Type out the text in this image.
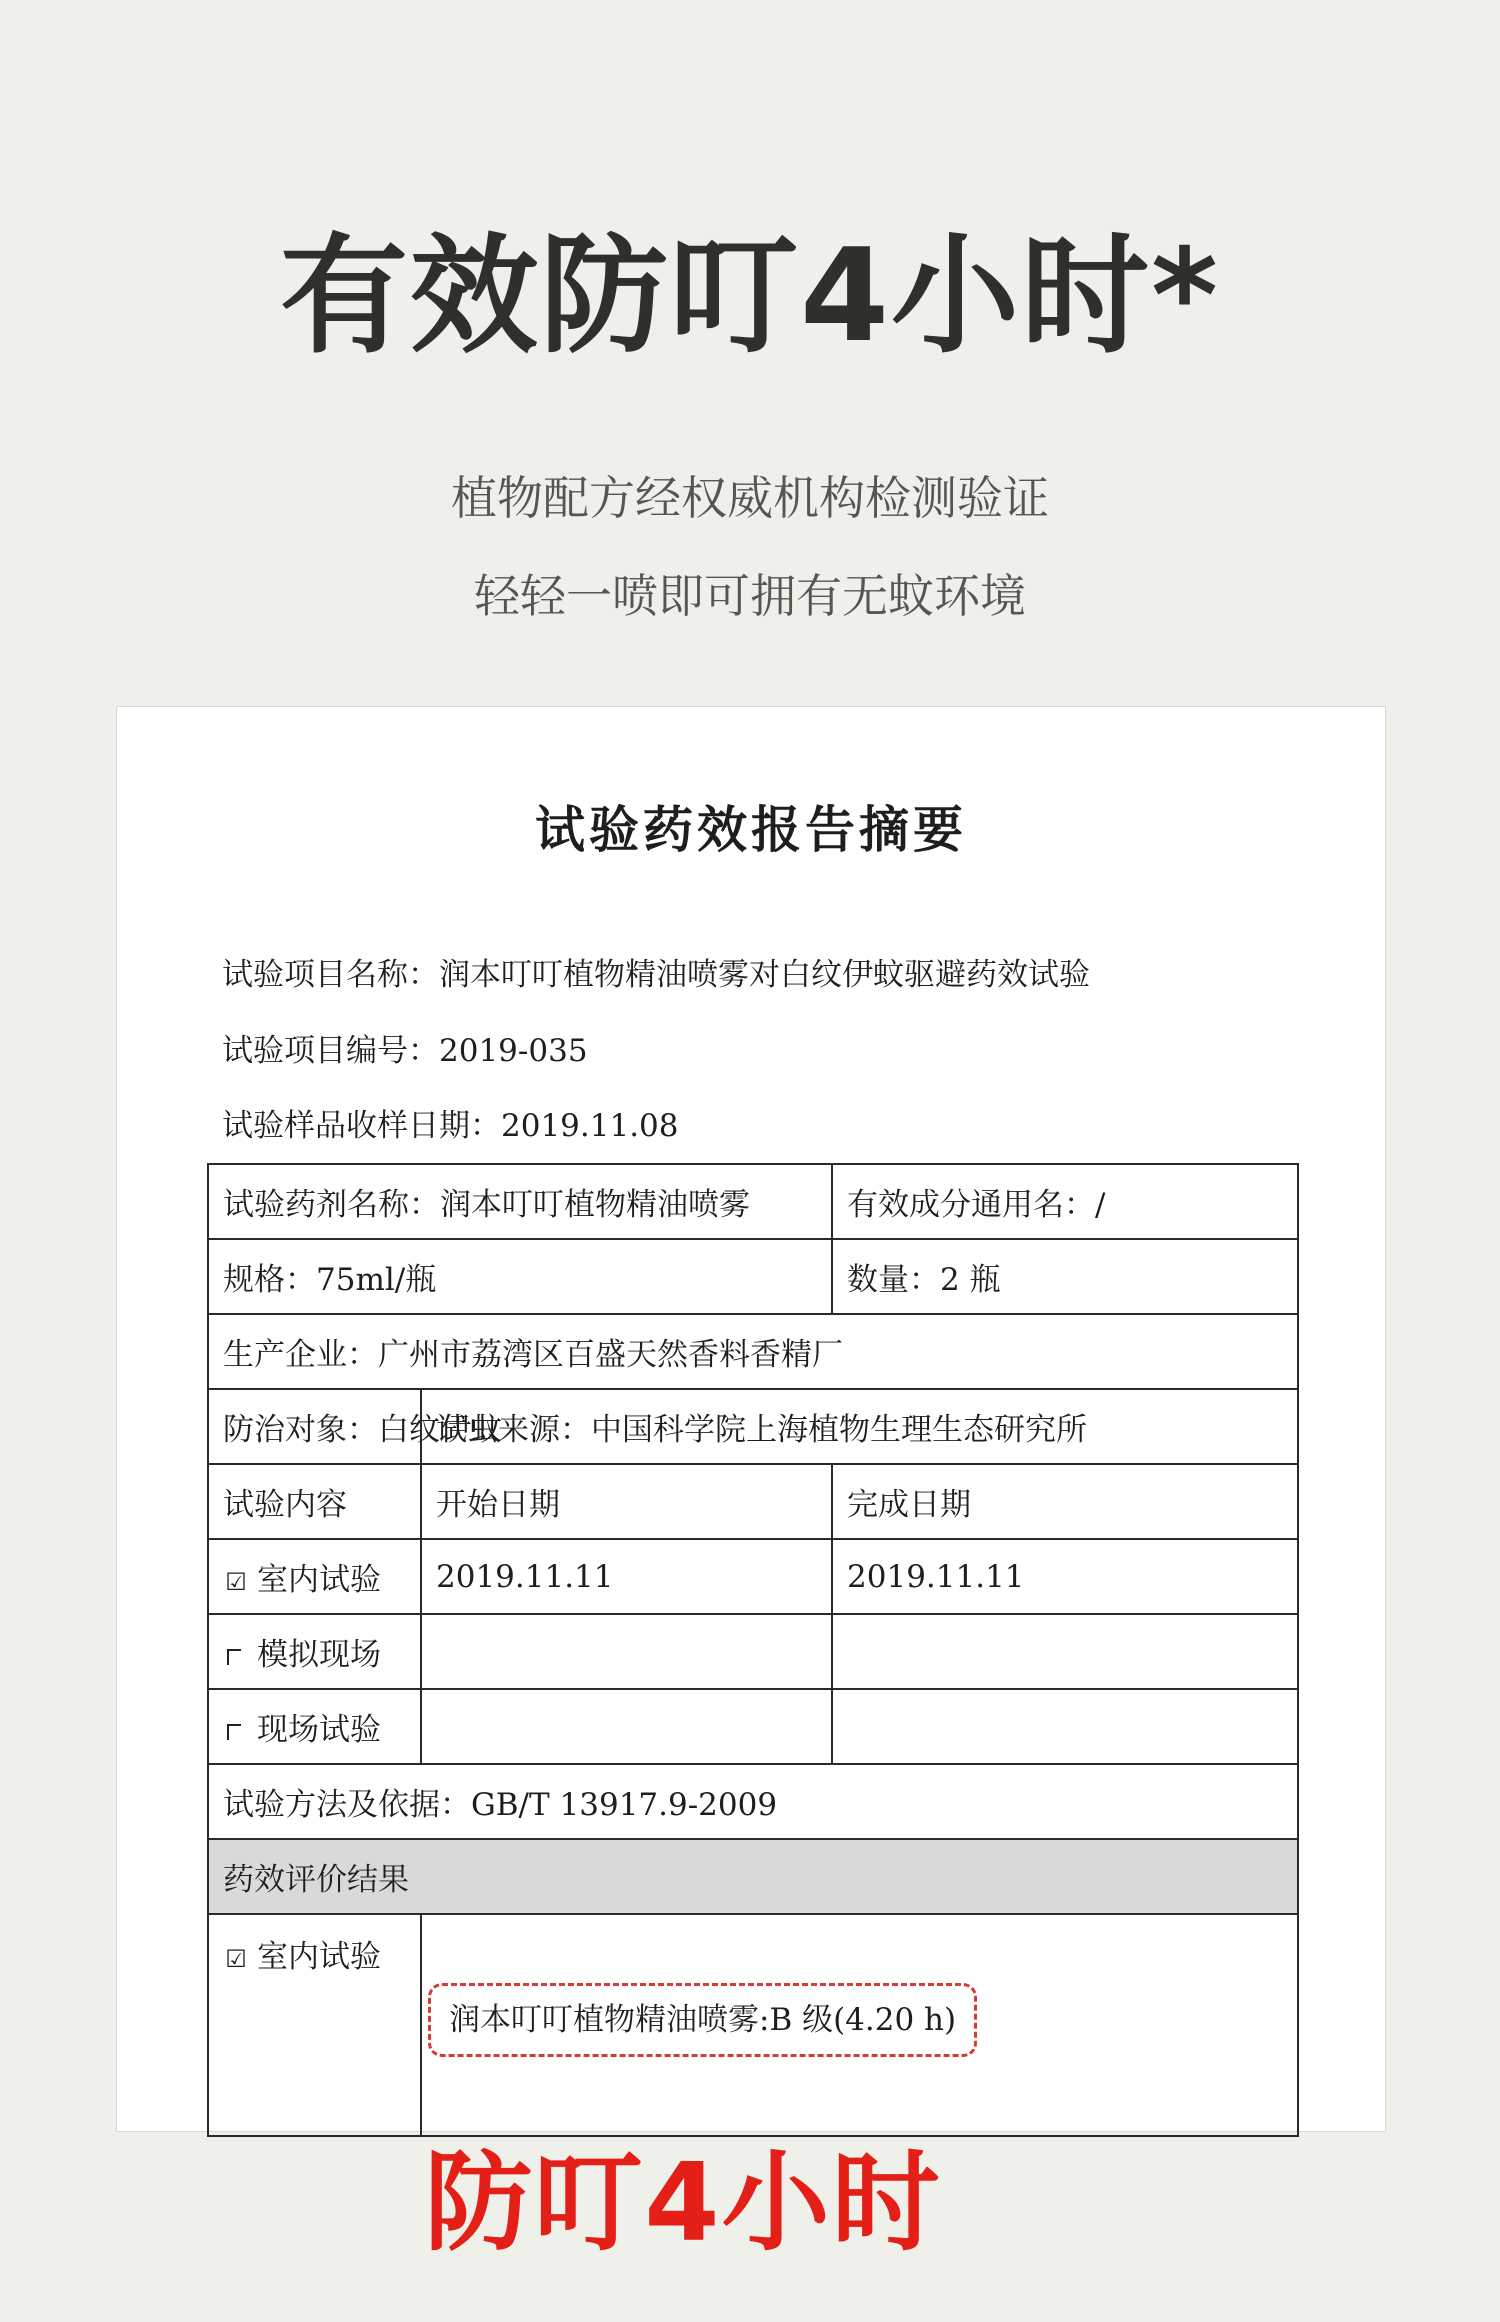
有效防叮4小时*
植物配方经权威机构检测验证
轻轻一喷即可拥有无蚊环境
试验药效报告摘要
试验项目名称：润本叮叮植物精油喷雾对白纹伊蚊驱避药效试验
试验项目编号：2019-035
试验样品收样日期：2019.11.08
试验药剂名称：润本叮叮植物精油喷雾		有效成分通用名：/
规格：75ml/瓶		数量：2 瓶
生产企业：广州市荔湾区百盛天然香料香精厂		
防治对象：白纹伊蚊	试虫来源：中国科学院上海植物生理生态研究所	
试验内容	开始日期	完成日期
☑ 室内试验	2019.11.11	2019.11.11
模拟现场		
现场试验		
试验方法及依据：GB/T 13917.9-2009		
药效评价结果		
☑ 室内试验	润本叮叮植物精油喷雾:B 级(4.20 h)	
防叮4小时
